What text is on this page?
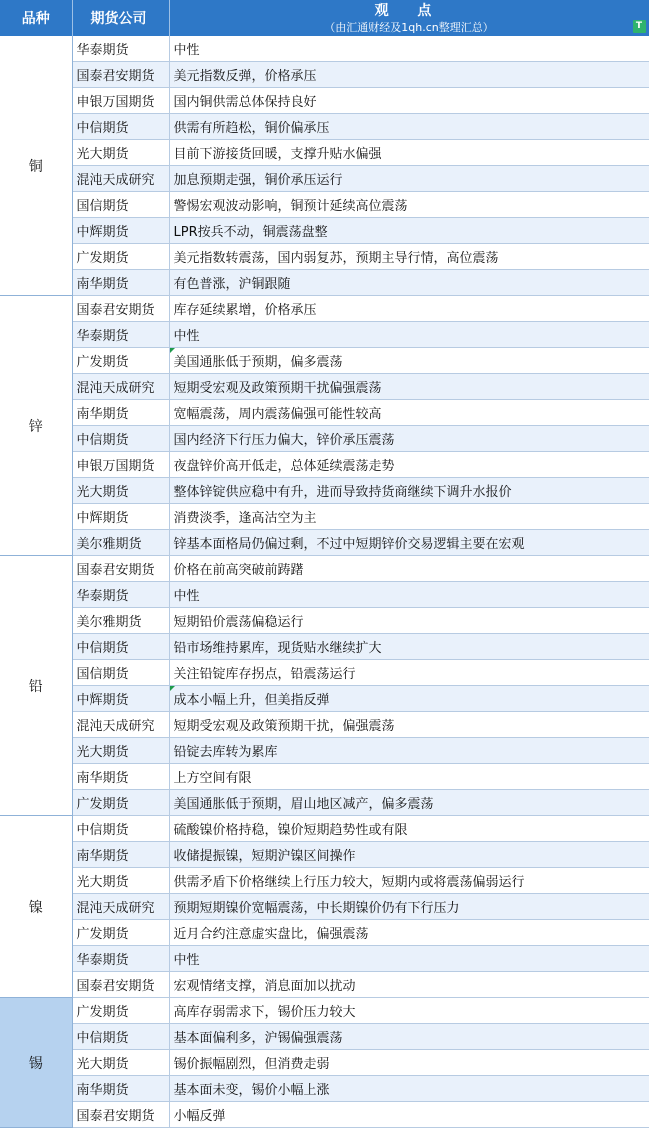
品种	期货公司	观 点
（由汇通财经及1qh.cn整理汇总） T

铜	华泰期货	中性
	国泰君安期货	美元指数反弹，价格承压
	申银万国期货	国内铜供需总体保持良好
	中信期货	供需有所趋松，铜价偏承压
	光大期货	目前下游接货回暖，支撑升贴水偏强
	混沌天成研究	加息预期走强，铜价承压运行
	国信期货	警惕宏观波动影响，铜预计延续高位震荡
	中辉期货	LPR按兵不动，铜震荡盘整
	广发期货	美元指数转震荡，国内弱复苏，预期主导行情，高位震荡
	南华期货	有色普涨，沪铜跟随
锌	国泰君安期货	库存延续累增，价格承压
	华泰期货	中性
	广发期货	美国通胀低于预期，偏多震荡
	混沌天成研究	短期受宏观及政策预期干扰偏强震荡
	南华期货	宽幅震荡，周内震荡偏强可能性较高
	中信期货	国内经济下行压力偏大，锌价承压震荡
	申银万国期货	夜盘锌价高开低走，总体延续震荡走势
	光大期货	整体锌锭供应稳中有升，进而导致持货商继续下调升水报价
	中辉期货	消费淡季，逢高沽空为主
	美尔雅期货	锌基本面格局仍偏过剩，不过中短期锌价交易逻辑主要在宏观
铅	国泰君安期货	价格在前高突破前踌躇
	华泰期货	中性
	美尔雅期货	短期铅价震荡偏稳运行
	中信期货	铅市场维持累库，现货贴水继续扩大
	国信期货	关注铅锭库存拐点，铅震荡运行
	中辉期货	成本小幅上升，但美指反弹
	混沌天成研究	短期受宏观及政策预期干扰，偏强震荡
	光大期货	铅锭去库转为累库
	南华期货	上方空间有限
	广发期货	美国通胀低于预期，眉山地区减产，偏多震荡
镍	中信期货	硫酸镍价格持稳，镍价短期趋势性或有限
	南华期货	收储提振镍，短期沪镍区间操作
	光大期货	供需矛盾下价格继续上行压力较大，短期内或将震荡偏弱运行
	混沌天成研究	预期短期镍价宽幅震荡，中长期镍价仍有下行压力
	广发期货	近月合约注意虚实盘比，偏强震荡
	华泰期货	中性
	国泰君安期货	宏观情绪支撑，消息面加以扰动
锡	广发期货	高库存弱需求下，锡价压力较大
	中信期货	基本面偏利多，沪锡偏强震荡
	光大期货	锡价振幅剧烈，但消费走弱
	南华期货	基本面未变，锡价小幅上涨
	国泰君安期货	小幅反弹
